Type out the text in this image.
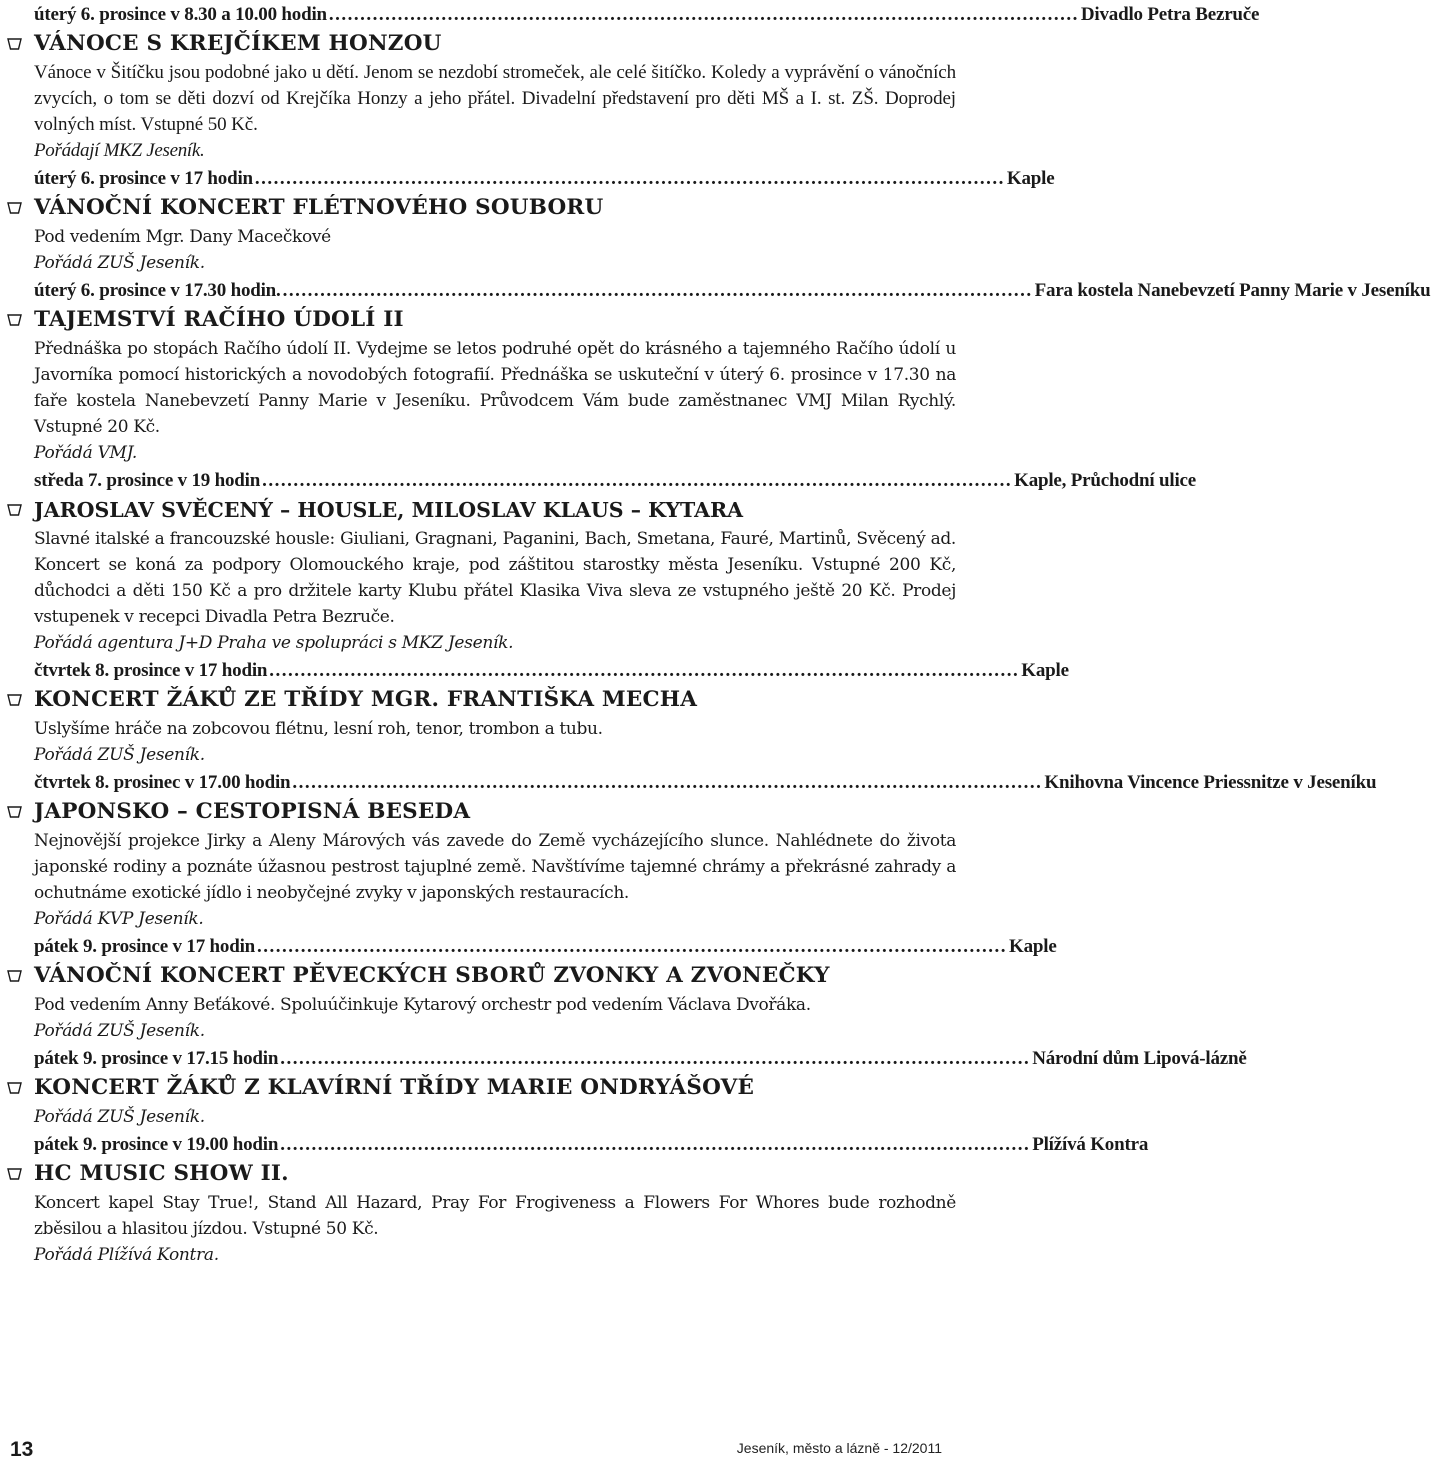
úterý 6. prosince v 8.30 a 10.00 hodin ........................................................................................................................ Divadlo Petra Bezruče
VÁNOCE S KREJČÍKEM HONZOU

Vánoce v Šitíčku jsou podobné jako u dětí. Jenom se nezdobí stromeček, ale celé šitíčko. Koledy a vyprávění o vánočních zvycích, o tom se děti dozví od Krejčíka Honzy a jeho přátel. Divadelní představení pro děti MŠ a I. st. ZŠ. Doprodej volných míst. Vstupné 50 Kč.

Pořádají MKZ Jeseník.

úterý 6. prosince v 17 hodin ........................................................................................................................ Kaple
VÁNOČNÍ KONCERT FLÉTNOVÉHO SOUBORU

Pod vedením Mgr. Dany Macečkové

Pořádá ZUŠ Jeseník.

úterý 6. prosince v 17.30 hodin. ........................................................................................................................ Fara kostela Nanebevzetí Panny Marie v Jeseníku
TAJEMSTVÍ RAČÍHO ÚDOLÍ II

Přednáška po stopách Račího údolí II. Vydejme se letos podruhé opět do krásného a tajemného Račího údolí u Javorníka pomocí historických a novodobých fotografií. Přednáška se uskuteční v úterý 6. prosince v 17.30 na faře kostela Nanebevzetí Panny Marie v Jeseníku. Průvodcem Vám bude zaměstnanec VMJ Milan Rychlý. Vstupné 20 Kč.

Pořádá VMJ.

středa 7. prosince v 19 hodin ........................................................................................................................ Kaple, Průchodní ulice
JAROSLAV SVĚCENÝ – HOUSLE, MILOSLAV KLAUS – KYTARA

Slavné italské a francouzské housle: Giuliani, Gragnani, Paganini, Bach, Smetana, Fauré, Martinů, Svěcený ad. Koncert se koná za podpory Olomouckého kraje, pod záštitou starostky města Jeseníku. Vstupné 200 Kč, důchodci a děti 150 Kč a pro držitele karty Klubu přátel Klasika Viva sleva ze vstupného ještě 20 Kč. Prodej vstupenek v recepci Divadla Petra Bezruče.

Pořádá agentura J+D Praha ve spolupráci s MKZ Jeseník.

čtvrtek 8. prosince v 17 hodin ........................................................................................................................ Kaple
KONCERT ŽÁKŮ ZE TŘÍDY MGR. FRANTIŠKA MECHA

Uslyšíme hráče na zobcovou flétnu, lesní roh, tenor, trombon a tubu.

Pořádá ZUŠ Jeseník.

čtvrtek 8. prosinec v 17.00 hodin ........................................................................................................................ Knihovna Vincence Priessnitze v Jeseníku
JAPONSKO – CESTOPISNÁ BESEDA

Nejnovější projekce Jirky a Aleny Márových vás zavede do Země vycházejícího slunce. Nahlédnete do života japonské rodiny a poznáte úžasnou pestrost tajuplné země. Navštívíme tajemné chrámy a překrásné zahrady a ochutnáme exotické jídlo i neobyčejné zvyky v japonských restauracích.

Pořádá KVP Jeseník.

pátek 9. prosince v 17 hodin ........................................................................................................................ Kaple
VÁNOČNÍ KONCERT PĚVECKÝCH SBORŮ ZVONKY A ZVONEČKY

Pod vedením Anny Beťákové. Spoluúčinkuje Kytarový orchestr pod vedením Václava Dvořáka.

Pořádá ZUŠ Jeseník.

pátek 9. prosince v 17.15 hodin ........................................................................................................................ Národní dům Lipová-lázně
KONCERT ŽÁKŮ Z KLAVÍRNÍ TŘÍDY MARIE ONDRYÁŠOVÉ

Pořádá ZUŠ Jeseník.

pátek 9. prosince v 19.00 hodin ........................................................................................................................ Plížívá Kontra
HC MUSIC SHOW II.

Koncert kapel Stay True!, Stand All Hazard, Pray For Frogiveness a Flowers For Whores bude rozhodně zběsilou a hlasitou jízdou. Vstupné 50 Kč.

Pořádá Plížívá Kontra.

13	Jeseník, město a lázně - 12/2011
